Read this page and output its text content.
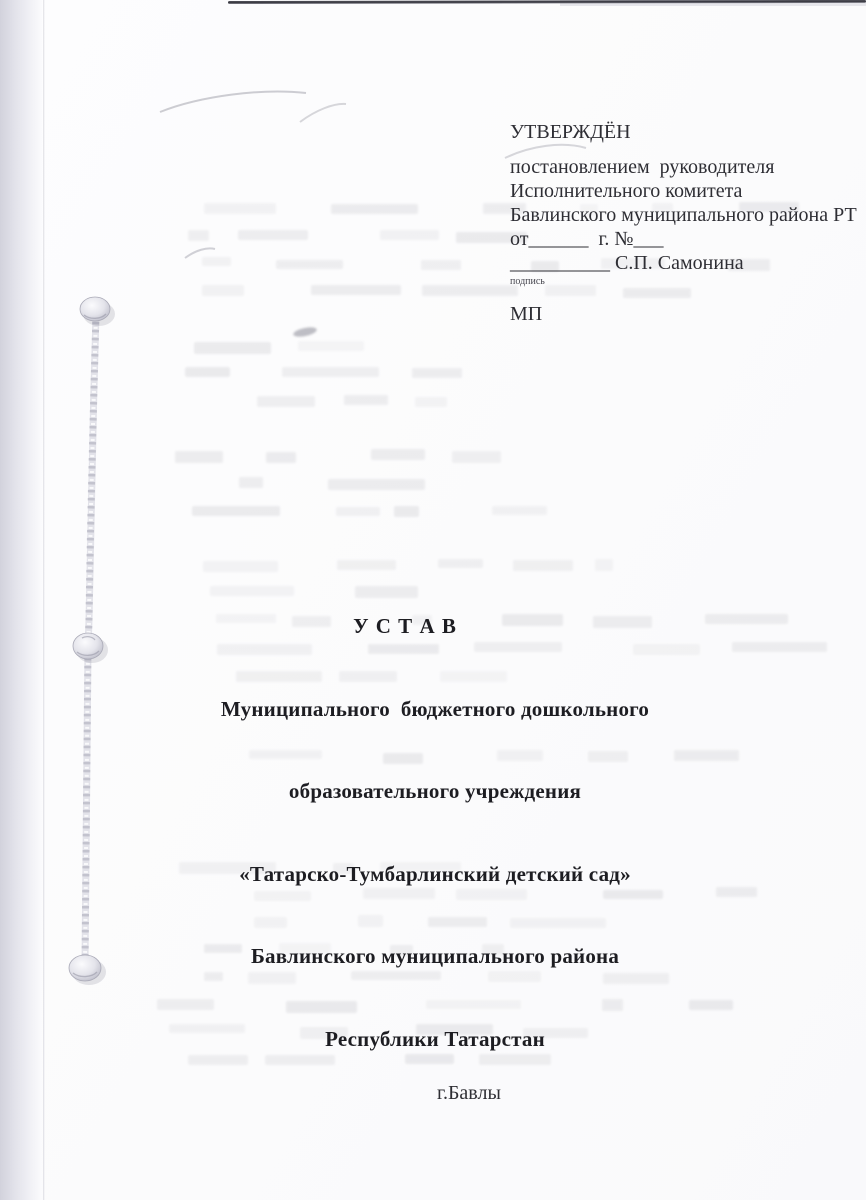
УТВЕРЖДЁН
постановлением  руководителя
Исполнительного комитета
Бавлинского муниципального района РТ
от______  г. №___
__________ С.П. Самонина
подпись
МП

У С Т А В

Муниципального  бюджетного дошкольного

образовательного учреждения

«Татарско-Тумбарлинский детский сад»

Бавлинского муниципального района

Республики Татарстан

г.Бавлы
